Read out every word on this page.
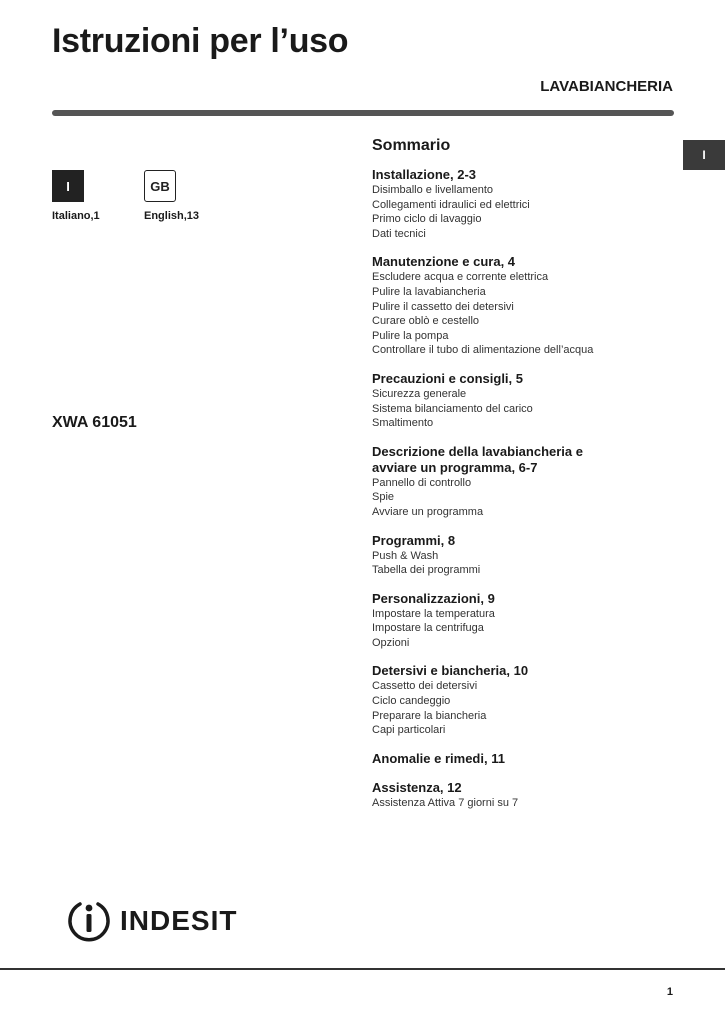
Istruzioni per l’uso
LAVABIANCHERIA
I
I
Italiano,1
GB
English,13
XWA 61051
Sommario
Installazione, 2-3
Disimballo e livellamento
Collegamenti idraulici ed elettrici
Primo ciclo di lavaggio
Dati tecnici
Manutenzione e cura, 4
Escludere acqua e corrente elettrica
Pulire la lavabiancheria
Pulire il cassetto dei detersivi
Curare oblò e cestello
Pulire la pompa
Controllare il tubo di alimentazione dell’acqua
Precauzioni e consigli, 5
Sicurezza generale
Sistema bilanciamento del carico
Smaltimento
Descrizione della lavabiancheria e
avviare un programma, 6-7
Pannello di controllo
Spie
Avviare un programma
Programmi, 8
Push & Wash
Tabella dei programmi
Personalizzazioni, 9
Impostare la temperatura
Impostare la centrifuga
Opzioni
Detersivi e biancheria, 10
Cassetto dei detersivi
Ciclo candeggio
Preparare la biancheria
Capi particolari
Anomalie e rimedi, 11
Assistenza, 12
Assistenza Attiva 7 giorni su 7
INDESIT
1
